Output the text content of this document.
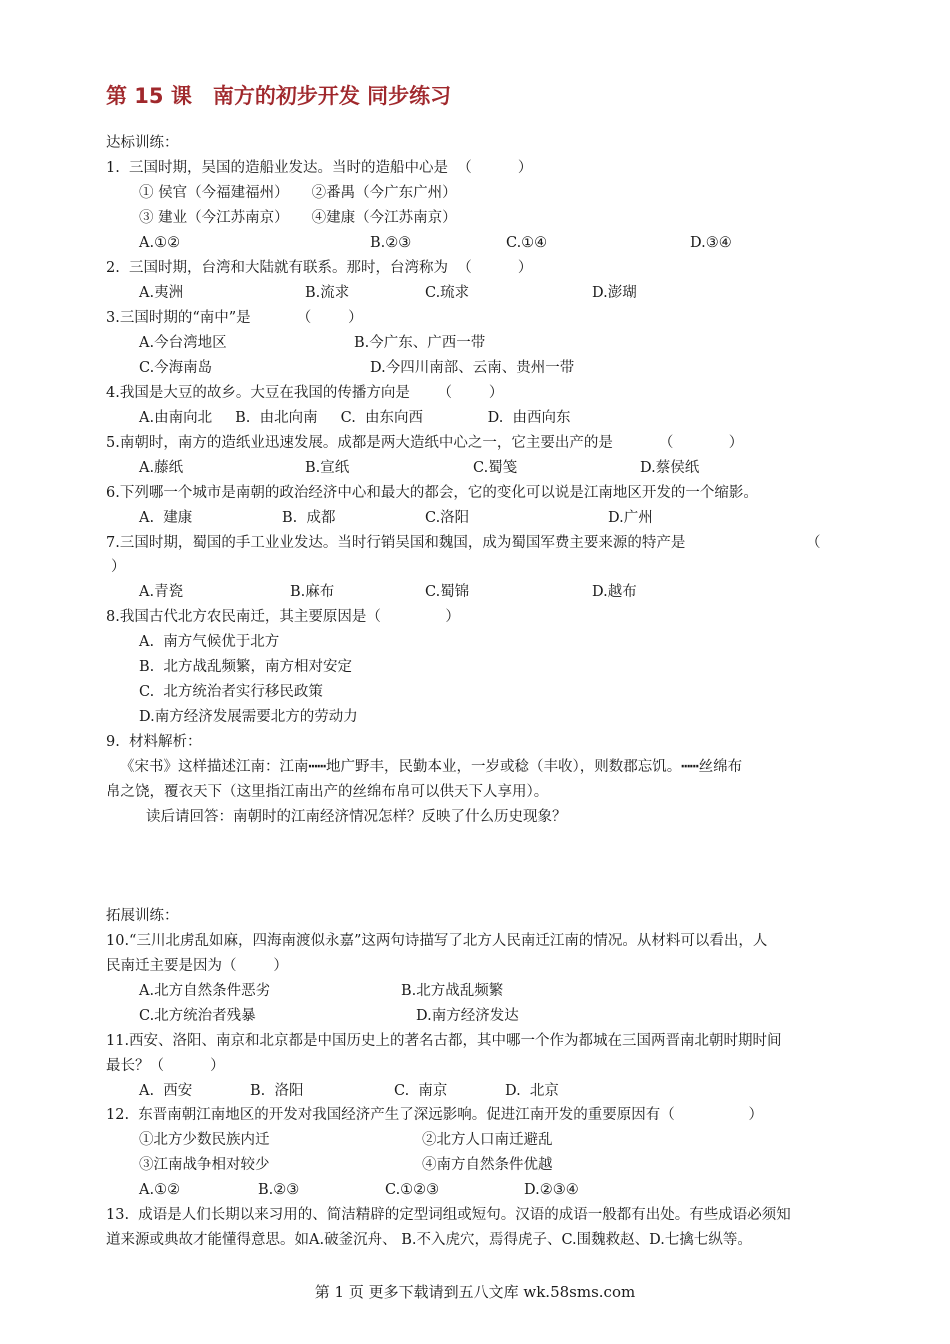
第 15 课　南方的初步开发 同步练习
达标训练：
1.  三国时期，吴国的造船业发达。当时的造船中心是  （          ）
① 侯官（今福建福州）     ②番禺（今广东广州）
③ 建业（今江苏南京）     ④建康（今江苏南京）
A.①②	B.②③	C.①④	D.③④
2.  三国时期，台湾和大陆就有联系。那时，台湾称为  （          ）
A.夷洲	B.流求	C.琉求	D.澎瑚
3.三国时期的“南中”是          （        ）
A.今台湾地区	B.今广东、广西一带
C.今海南岛	D.今四川南部、云南、贵州一带
4.我国是大豆的故乡。大豆在我国的传播方向是      （        ）
A.由南向北     B.  由北向南     C.  由东向西              D.  由西向东
5.南朝时，南方的造纸业迅速发展。成都是两大造纸中心之一，它主要出产的是          （            ）
A.藤纸	B.宣纸	C.蜀笺	D.蔡侯纸
6.下列哪一个城市是南朝的政治经济中心和最大的都会，它的变化可以说是江南地区开发的一个缩影。
A.  建康	B.  成都	C.洛阳	D.广州
7.三国时期，蜀国的手工业业发达。当时行销吴国和魏国，成为蜀国军费主要来源的特产是	（
）
A.青瓷	B.麻布	C.蜀锦	D.越布
8.我国古代北方农民南迁，其主要原因是（              ）
A.  南方气候优于北方
B.  北方战乱频繁，南方相对安定
C.  北方统治者实行移民政策
D.南方经济发展需要北方的劳动力
9.  材料解析：
《宋书》这样描述江南：江南┅┅地广野丰，民勤本业，一岁或稔（丰收），则数郡忘饥。┅┅丝绵布
帛之饶，覆衣天下（这里指江南出产的丝绵布帛可以供天下人享用）。
读后请回答：南朝时的江南经济情况怎样？反映了什么历史现象？
拓展训练：
10.“三川北虏乱如麻，四海南渡似永嘉”这两句诗描写了北方人民南迁江南的情况。从材料可以看出，人
民南迁主要是因为（        ）
A.北方自然条件恶劣	B.北方战乱频繁
C.北方统治者残暴	D.南方经济发达
11.西安、洛阳、南京和北京都是中国历史上的著名古都，其中哪一个作为都城在三国两晋南北朝时期时间
最长？（          ）
A.  西安	B.  洛阳	C.  南京	D.  北京
12.  东晋南朝江南地区的开发对我国经济产生了深远影响。促进江南开发的重要原因有（                ）
①北方少数民族内迁	②北方人口南迁避乱
③江南战争相对较少	④南方自然条件优越
A.①②	B.②③	C.①②③	D.②③④
13.  成语是人们长期以来习用的、简洁精辟的定型词组或短句。汉语的成语一般都有出处。有些成语必须知
道来源或典故才能懂得意思。如A.破釜沉舟、 B.不入虎穴，焉得虎子、C.围魏救赵、D.七擒七纵等。
第 1 页 更多下载请到五八文库 wk.58sms.com
